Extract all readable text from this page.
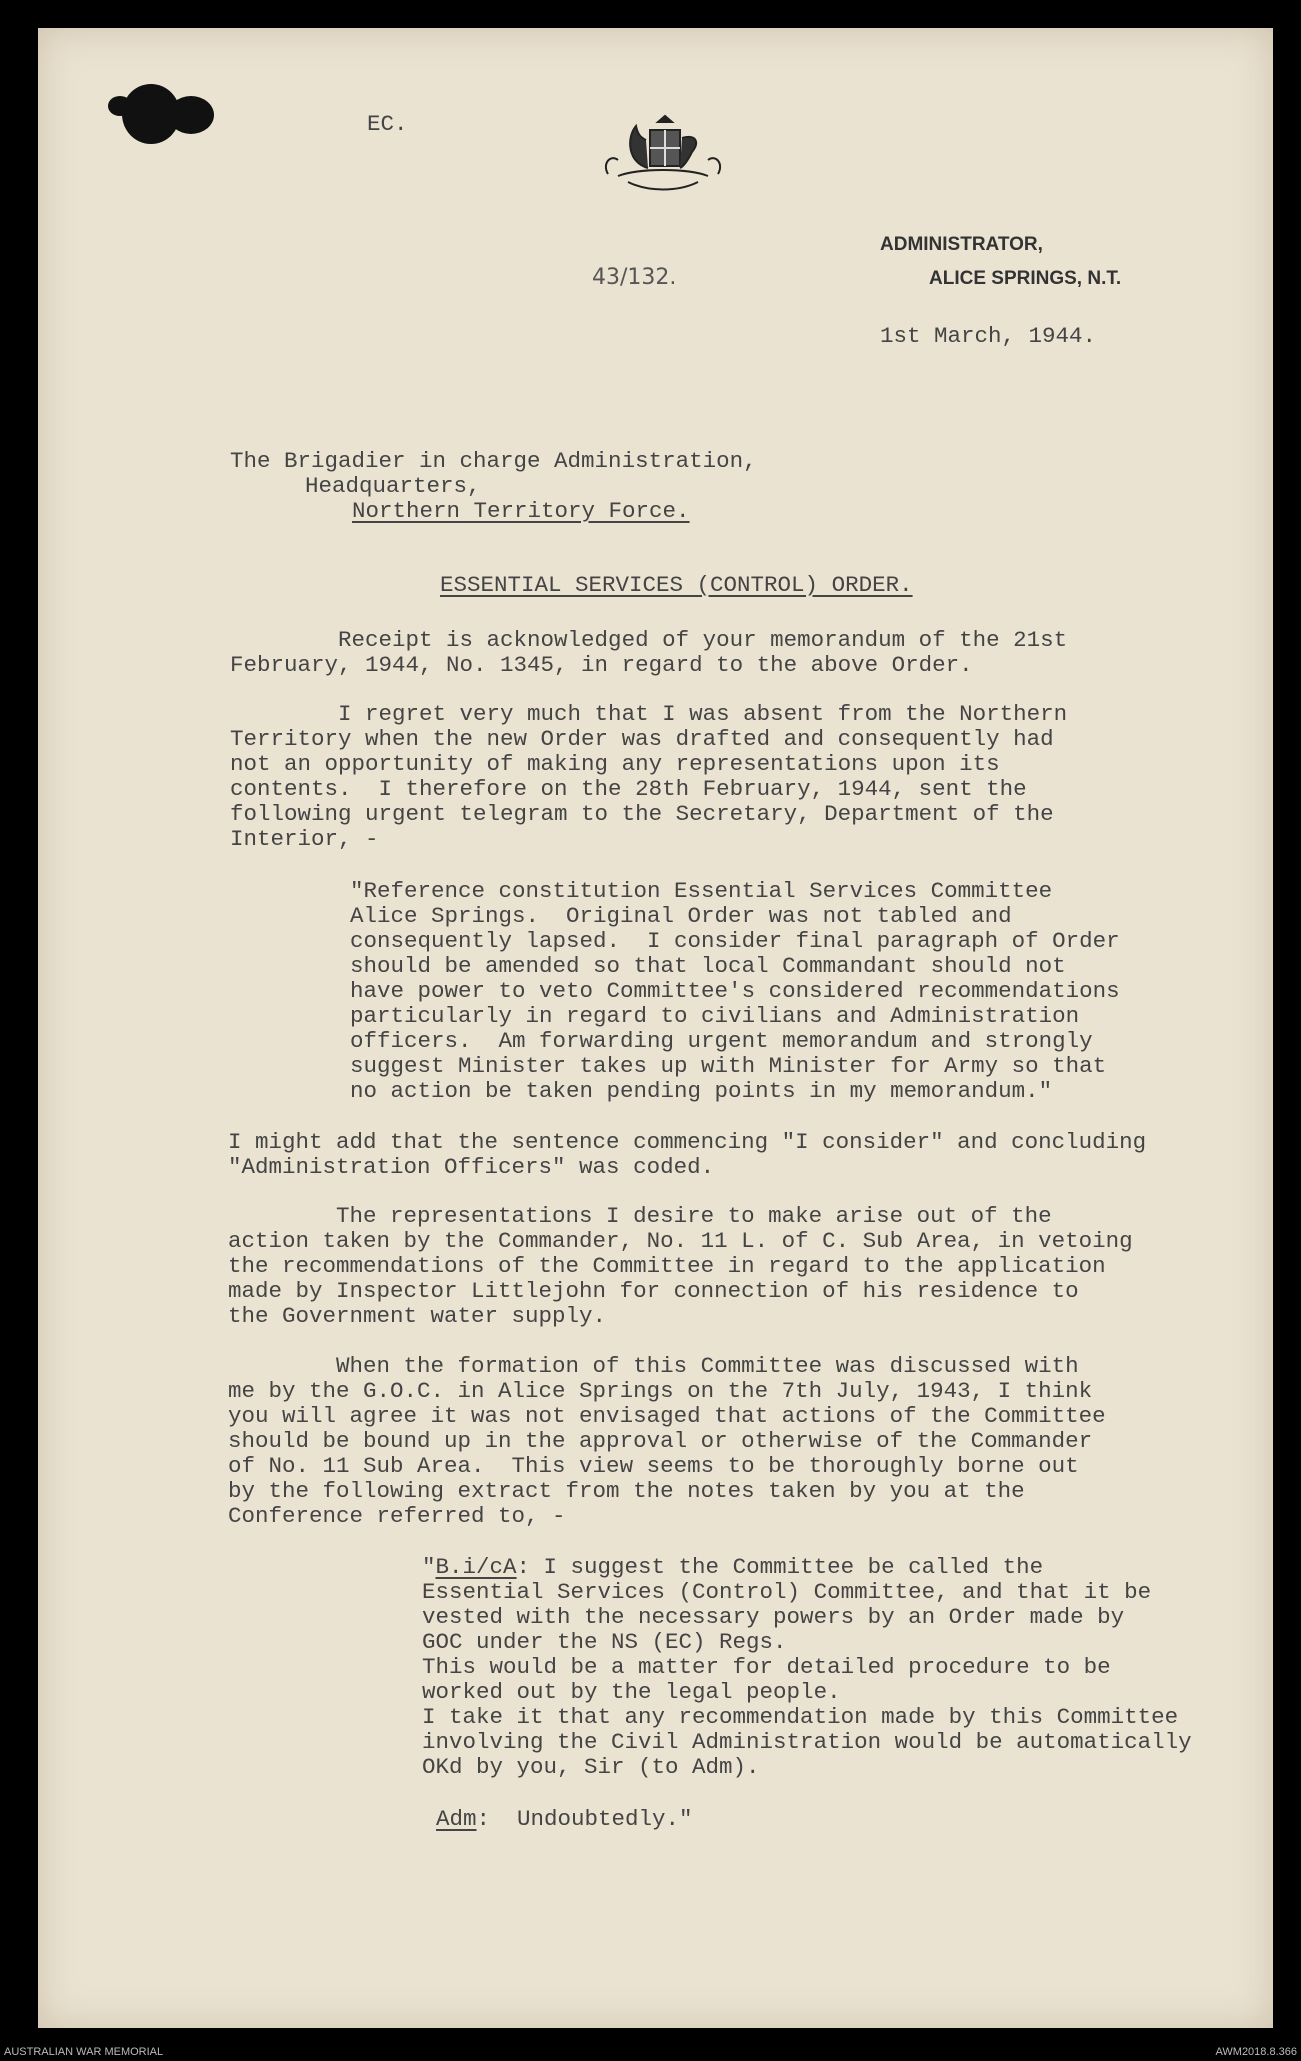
EC.

43/132.

ADMINISTRATOR,

ALICE SPRINGS, N.T.

1st March, 1944.

The Brigadier in charge Administration,

Headquarters,

Northern Territory Force.

ESSENTIAL SERVICES (CONTROL) ORDER.

Receipt is acknowledged of your memorandum of the 21st
February, 1944, No. 1345, in regard to the above Order.

I regret very much that I was absent from the Northern
Territory when the new Order was drafted and consequently had
not an opportunity of making any representations upon its
contents.  I therefore on the 28th February, 1944, sent the
following urgent telegram to the Secretary, Department of the
Interior, -

"Reference constitution Essential Services Committee
Alice Springs.  Original Order was not tabled and
consequently lapsed.  I consider final paragraph of Order
should be amended so that local Commandant should not
have power to veto Committee's considered recommendations
particularly in regard to civilians and Administration
officers.  Am forwarding urgent memorandum and strongly
suggest Minister takes up with Minister for Army so that
no action be taken pending points in my memorandum."

I might add that the sentence commencing "I consider" and concluding
"Administration Officers" was coded.

The representations I desire to make arise out of the
action taken by the Commander, No. 11 L. of C. Sub Area, in vetoing
the recommendations of the Committee in regard to the application
made by Inspector Littlejohn for connection of his residence to
the Government water supply.

When the formation of this Committee was discussed with
me by the G.O.C. in Alice Springs on the 7th July, 1943, I think
you will agree it was not envisaged that actions of the Committee
should be bound up in the approval or otherwise of the Commander
of No. 11 Sub Area.  This view seems to be thoroughly borne out
by the following extract from the notes taken by you at the
Conference referred to, -

"B.i/cA: I suggest the Committee be called the
Essential Services (Control) Committee, and that it be
vested with the necessary powers by an Order made by
GOC under the NS (EC) Regs.
This would be a matter for detailed procedure to be
worked out by the legal people.
I take it that any recommendation made by this Committee
involving the Civil Administration would be automatically
OKd by you, Sir (to Adm).

Adm:  Undoubtedly."

AUSTRALIAN WAR MEMORIAL	AWM2018.8.366
